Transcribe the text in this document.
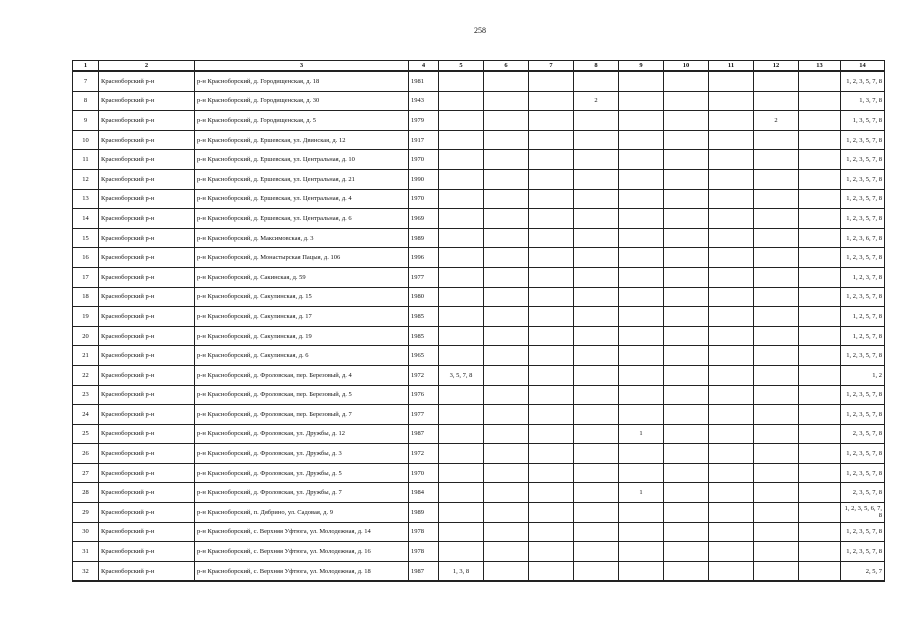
258
1	2	3	4	5	6	7	8	9	10	11	12	13	14
7	Красноборский р-н	р-н Красноборский, д. Городищенская, д. 18	1981										1, 2, 3, 5, 7, 8
8	Красноборский р-н	р-н Красноборский, д. Городищенская, д. 30	1943				2						1, 3, 7, 8
9	Красноборский р-н	р-н Красноборский, д. Городищенская, д. 5	1979								2		1, 3, 5, 7, 8
10	Красноборский р-н	р-н Красноборский, д. Ершевская, ул. Двинская, д. 12	1917										1, 2, 3, 5, 7, 8
11	Красноборский р-н	р-н Красноборский, д. Ершевская, ул. Центральная, д. 10	1970										1, 2, 3, 5, 7, 8
12	Красноборский р-н	р-н Красноборский, д. Ершевская, ул. Центральная, д. 21	1990										1, 2, 3, 5, 7, 8
13	Красноборский р-н	р-н Красноборский, д. Ершевская, ул. Центральная, д. 4	1970										1, 2, 3, 5, 7, 8
14	Красноборский р-н	р-н Красноборский, д. Ершевская, ул. Центральная, д. 6	1969										1, 2, 3, 5, 7, 8
15	Красноборский р-н	р-н Красноборский, д. Максимовская, д. 3	1989										1, 2, 3, 6, 7, 8
16	Красноборский р-н	р-н Красноборский, д. Монастырская Пацыя, д. 106	1996										1, 2, 3, 5, 7, 8
17	Красноборский р-н	р-н Красноборский, д. Сакинская, д. 59	1977										1, 2, 3, 7, 8
18	Красноборский р-н	р-н Красноборский, д. Сакулинская, д. 15	1980										1, 2, 3, 5, 7, 8
19	Красноборский р-н	р-н Красноборский, д. Сакулинская, д. 17	1985										1, 2, 5, 7, 8
20	Красноборский р-н	р-н Красноборский, д. Сакулинская, д. 19	1985										1, 2, 5, 7, 8
21	Красноборский р-н	р-н Красноборский, д. Сакулинская, д. 6	1965										1, 2, 3, 5, 7, 8
22	Красноборский р-н	р-н Красноборский, д. Фроловская, пер. Березовый, д. 4	1972	3, 5, 7, 8									1, 2
23	Красноборский р-н	р-н Красноборский, д. Фроловская, пер. Березовый, д. 5	1976										1, 2, 3, 5, 7, 8
24	Красноборский р-н	р-н Красноборский, д. Фроловская, пер. Березовый, д. 7	1977										1, 2, 3, 5, 7, 8
25	Красноборский р-н	р-н Красноборский, д. Фроловская, ул. Дружбы, д. 12	1987					1					2, 3, 5, 7, 8
26	Красноборский р-н	р-н Красноборский, д. Фроловская, ул. Дружбы, д. 3	1972										1, 2, 3, 5, 7, 8
27	Красноборский р-н	р-н Красноборский, д. Фроловская, ул. Дружбы, д. 5	1970										1, 2, 3, 5, 7, 8
28	Красноборский р-н	р-н Красноборский, д. Фроловская, ул. Дружбы, д. 7	1984					1					2, 3, 5, 7, 8
29	Красноборский р-н	р-н Красноборский, п. Дябрино, ул. Садовая, д. 9	1989										1, 2, 3, 5, 6, 7, 8
30	Красноборский р-н	р-н Красноборский, с. Верхняя Уфтюга, ул. Молодежная, д. 14	1978										1, 2, 3, 5, 7, 8
31	Красноборский р-н	р-н Красноборский, с. Верхняя Уфтюга, ул. Молодежная, д. 16	1978										1, 2, 3, 5, 7, 8
32	Красноборский р-н	р-н Красноборский, с. Верхняя Уфтюга, ул. Молодежная, д. 18	1987	1, 3, 8									2, 5, 7
